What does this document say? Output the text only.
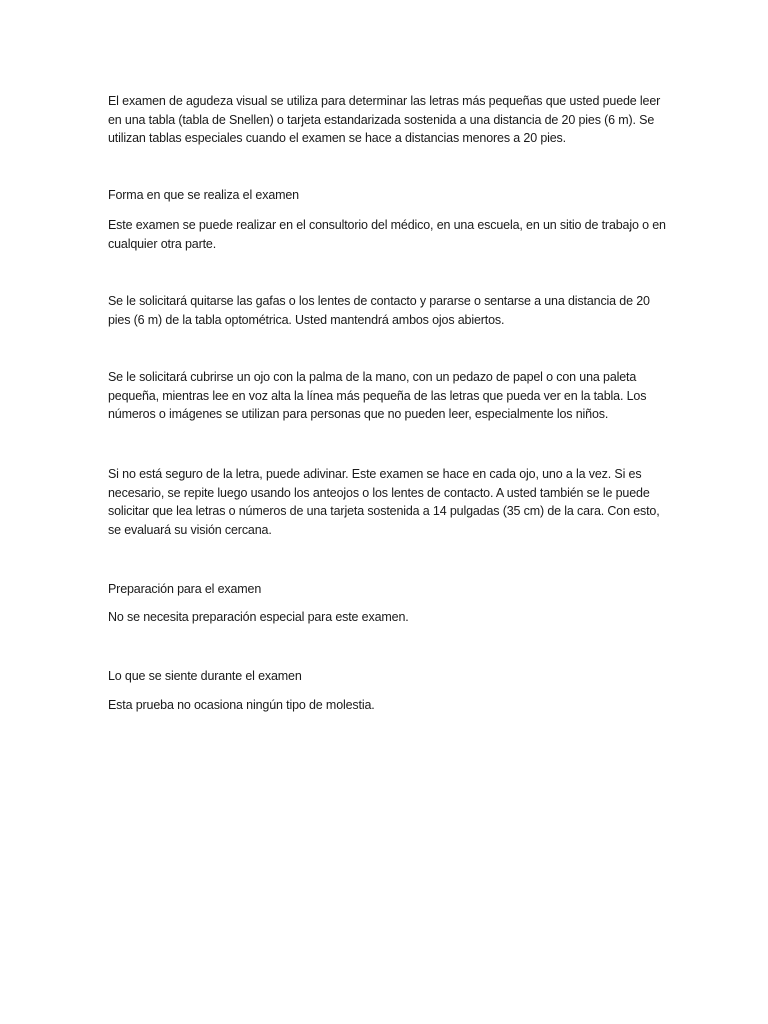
El examen de agudeza visual se utiliza para determinar las letras más pequeñas que usted puede leer en una tabla (tabla de Snellen) o tarjeta estandarizada sostenida a una distancia de 20 pies (6 m). Se utilizan tablas especiales cuando el examen se hace a distancias menores a 20 pies.

Forma en que se realiza el examen

Este examen se puede realizar en el consultorio del médico, en una escuela, en un sitio de trabajo o en cualquier otra parte.

Se le solicitará quitarse las gafas o los lentes de contacto y pararse o sentarse a una distancia de 20 pies (6 m) de la tabla optométrica. Usted mantendrá ambos ojos abiertos.

Se le solicitará cubrirse un ojo con la palma de la mano, con un pedazo de papel o con una paleta pequeña, mientras lee en voz alta la línea más pequeña de las letras que pueda ver en la tabla. Los números o imágenes se utilizan para personas que no pueden leer, especialmente los niños.

Si no está seguro de la letra, puede adivinar. Este examen se hace en cada ojo, uno a la vez. Si es necesario, se repite luego usando los anteojos o los lentes de contacto. A usted también se le puede solicitar que lea letras o números de una tarjeta sostenida a 14 pulgadas (35 cm) de la cara. Con esto, se evaluará su visión cercana.

Preparación para el examen

No se necesita preparación especial para este examen.

Lo que se siente durante el examen

Esta prueba no ocasiona ningún tipo de molestia.
